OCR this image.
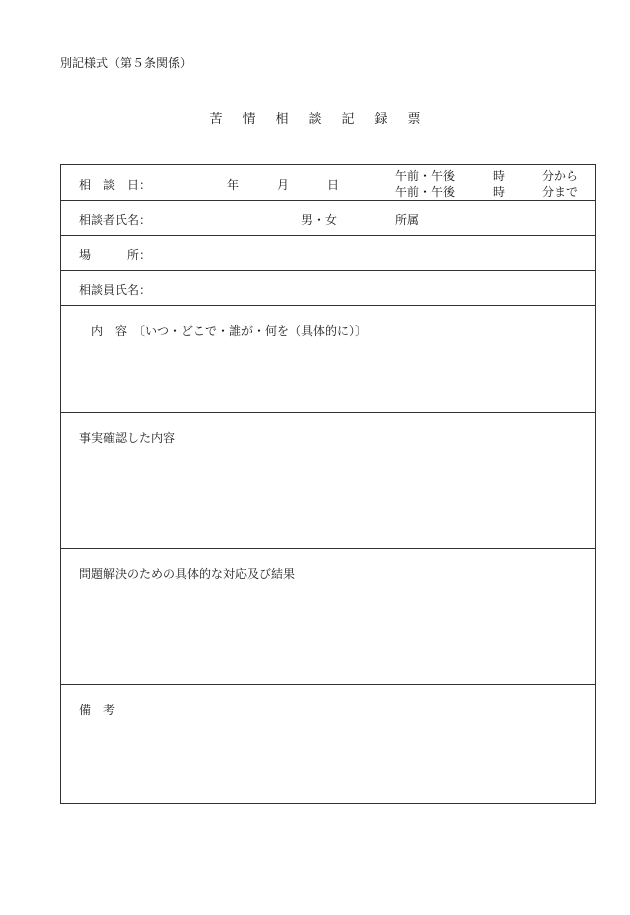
別記様式（第５条関係）
苦 情 相 談 記 録 票
相　談　日：	年	月	日
午前・午後	時	分から
午前・午後	時	分まで
相談者氏名：	男・女	所属
場	所：
相談員氏名：
内　容　〔いつ・どこで・誰が・何を（具体的に）〕
事実確認した内容
問題解決のための具体的な対応及び結果
備　考
